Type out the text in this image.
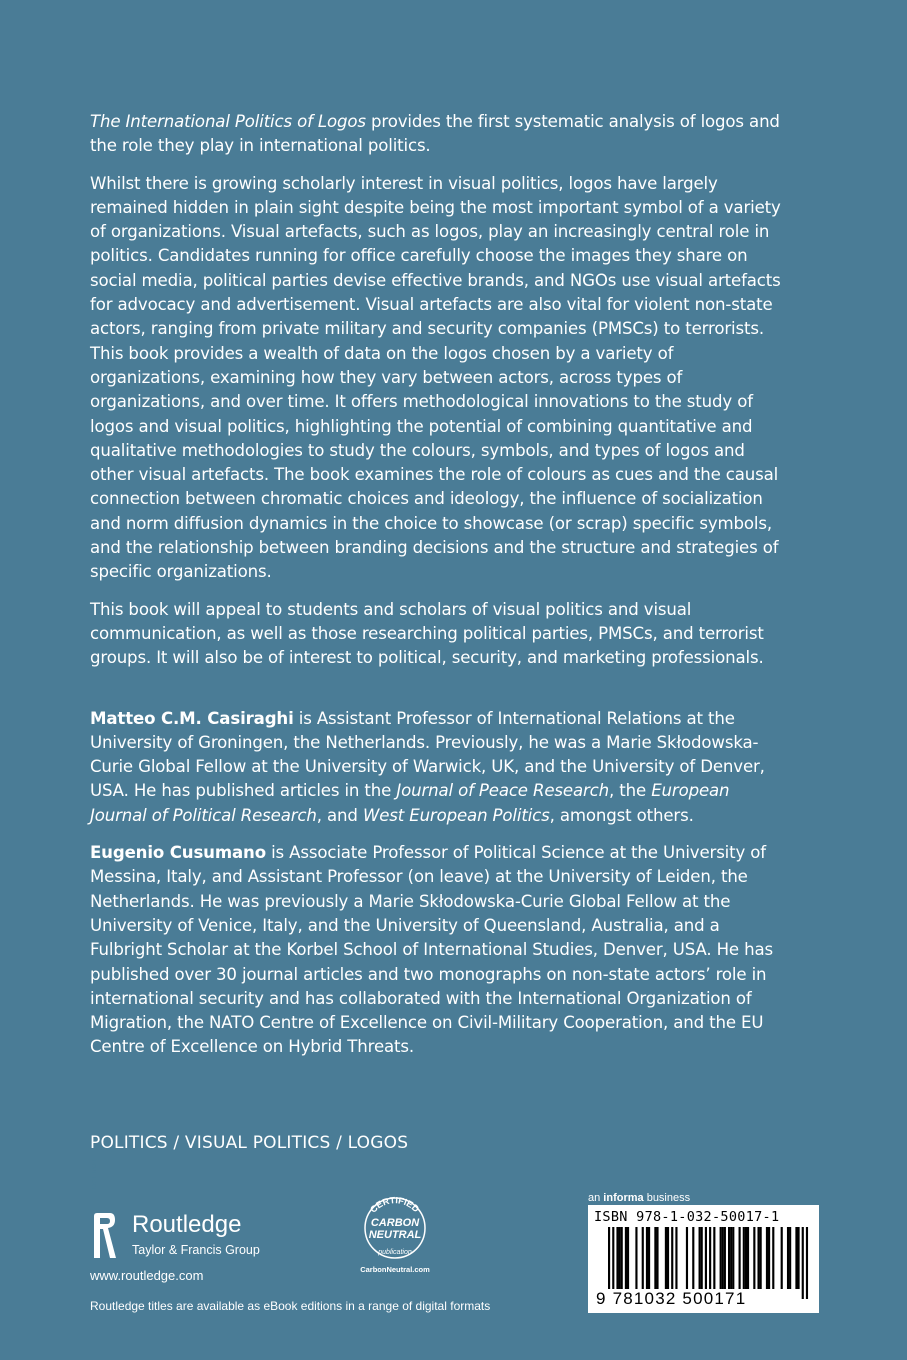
The International Politics of Logos provides the first systematic analysis of logos and the role they play in international politics.

Whilst there is growing scholarly interest in visual politics, logos have largely remained hidden in plain sight despite being the most important symbol of a variety of organizations. Visual artefacts, such as logos, play an increasingly central role in politics. Candidates running for office carefully choose the images they share on social media, political parties devise effective brands, and NGOs use visual artefacts for advocacy and advertisement. Visual artefacts are also vital for violent non-state actors, ranging from private military and security companies (PMSCs) to terrorists. This book provides a wealth of data on the logos chosen by a variety of organizations, examining how they vary between actors, across types of organizations, and over time. It offers methodological innovations to the study of logos and visual politics, highlighting the potential of combining quantitative and qualitative methodologies to study the colours, symbols, and types of logos and other visual artefacts. The book examines the role of colours as cues and the causal connection between chromatic choices and ideology, the influence of socialization and norm diffusion dynamics in the choice to showcase (or scrap) specific symbols, and the relationship between branding decisions and the structure and strategies of specific organizations.

This book will appeal to students and scholars of visual politics and visual communication, as well as those researching political parties, PMSCs, and terrorist groups. It will also be of interest to political, security, and marketing professionals.

Matteo C.M. Casiraghi is Assistant Professor of International Relations at the University of Groningen, the Netherlands. Previously, he was a Marie Skłodowska-Curie Global Fellow at the University of Warwick, UK, and the University of Denver, USA. He has published articles in the Journal of Peace Research, the European Journal of Political Research, and West European Politics, amongst others.

Eugenio Cusumano is Associate Professor of Political Science at the University of Messina, Italy, and Assistant Professor (on leave) at the University of Leiden, the Netherlands. He was previously a Marie Skłodowska-Curie Global Fellow at the University of Venice, Italy, and the University of Queensland, Australia, and a Fulbright Scholar at the Korbel School of International Studies, Denver, USA. He has published over 30 journal articles and two monographs on non-state actors’ role in international security and has collaborated with the International Organization of Migration, the NATO Centre of Excellence on Civil-Military Cooperation, and the EU Centre of Excellence on Hybrid Threats.

POLITICS / VISUAL POLITICS / LOGOS
ROUTLEDGE
Routledge
Taylor & Francis Group
www.routledge.com
Routledge titles are available as eBook editions in a range of digital formats
CERTIFIED
CARBON
NEUTRAL
publication
CarbonNeutral.com
an informa business
ISBN 978-1-032-50017-1
9 781032 500171
